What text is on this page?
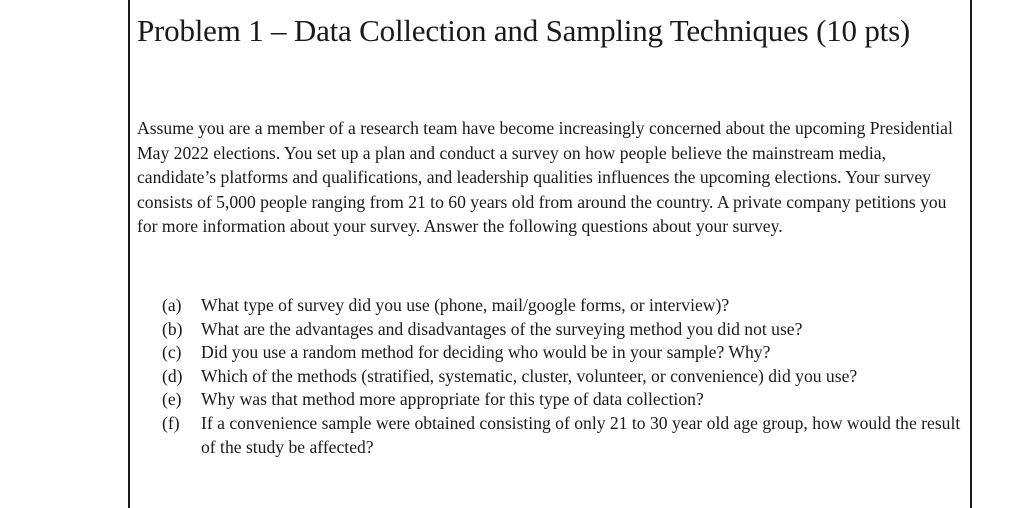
Problem 1 – Data Collection and Sampling Techniques (10 pts)

Assume you are a member of a research team have become increasingly concerned about the upcoming Presidential May 2022 elections. You set up a plan and conduct a survey on how people believe the mainstream media, candidate’s platforms and qualifications, and leadership qualities influences the upcoming elections. Your survey consists of 5,000 people ranging from 21 to 60 years old from around the country. A private company petitions you for more information about your survey. Answer the following questions about your survey.

(a)	What type of survey did you use (phone, mail/google forms, or interview)?
(b)	What are the advantages and disadvantages of the surveying method you did not use?
(c)	Did you use a random method for deciding who would be in your sample? Why?
(d)	Which of the methods (stratified, systematic, cluster, volunteer, or convenience) did you use?
(e)	Why was that method more appropriate for this type of data collection?
(f)	If a convenience sample were obtained consisting of only 21 to 30 year old age group, how would the result of the study be affected?
